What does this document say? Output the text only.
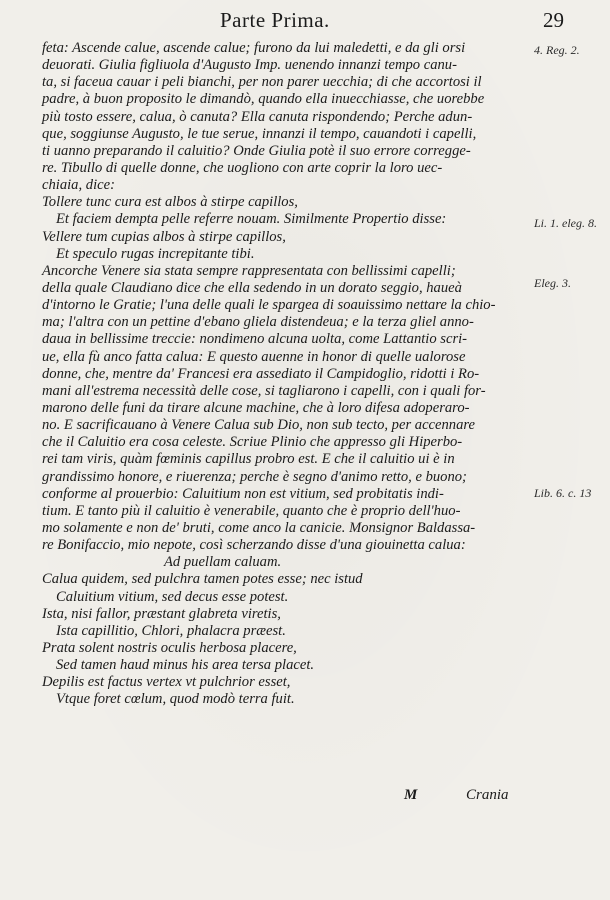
Parte Prima.	29
feta: Ascende calue, ascende calue; furono da lui maledetti, e da gli orsi
deuorati. Giulia figliuola d'Augusto Imp. uenendo innanzi tempo canu-
ta, si faceua cauar i peli bianchi, per non parer uecchia; di che accortosi il
padre, à buon proposito le dimandò, quando ella inuecchiasse, che uorebbe
più tosto essere, calua, ò canuta? Ella canuta rispondendo; Perche adun-
que, soggiunse Augusto, le tue serue, innanzi il tempo, cauandoti i capelli,
ti uanno preparando il caluitio? Onde Giulia potè il suo errore corregge-
re. Tibullo di quelle donne, che uogliono con arte coprir la loro uec-
chiaia, dice:
Tollere tunc cura est albos à stirpe capillos,
Et faciem dempta pelle referre nouam. Similmente Propertio disse:
Vellere tum cupias albos à stirpe capillos,
Et speculo rugas increpitante tibi.
Ancorche Venere sia stata sempre rappresentata con bellissimi capelli;
della quale Claudiano dice che ella sedendo in un dorato seggio, haueà
d'intorno le Gratie; l'una delle quali le spargea di soauissimo nettare la chio-
ma; l'altra con un pettine d'ebano gliela distendeua; e la terza gliel anno-
daua in bellissime treccie: nondimeno alcuna uolta, come Lattantio scri-
ue, ella fù anco fatta calua: E questo auenne in honor di quelle ualorose
donne, che, mentre da' Francesi era assediato il Campidoglio, ridotti i Ro-
mani all'estrema necessità delle cose, si tagliarono i capelli, con i quali for-
marono delle funi da tirare alcune machine, che à loro difesa adoperaro-
no. E sacrificauano à Venere Calua sub Dio, non sub tecto, per accennare
che il Caluitio era cosa celeste. Scriue Plinio che appresso gli Hiperbo-
rei tam viris, quàm fœminis capillus probro est. E che il caluitio ui è in
grandissimo honore, e riuerenza; perche è segno d'animo retto, e buono;
conforme al prouerbio: Caluitium non est vitium, sed probitatis indi-
tium. E tanto più il caluitio è venerabile, quanto che è proprio dell'huo-
mo solamente e non de' bruti, come anco la canicie. Monsignor Baldassa-
re Bonifaccio, mio nepote, così scherzando disse d'una giouinetta calua:
Ad puellam caluam.
Calua quidem, sed pulchra tamen potes esse; nec istud
Caluitium vitium, sed decus esse potest.
Ista, nisi fallor, præstant glabreta viretis,
Ista capillitio, Chlori, phalacra præest.
Prata solent nostris oculis herbosa placere,
Sed tamen haud minus his area tersa placet.
Depilis est factus vertex vt pulchrior esset,
Vtque foret cœlum, quod modò terra fuit.
4. Reg. 2.
Li. 1. eleg. 8.
Eleg. 3.
Lib. 6. c. 13
M	Crania
